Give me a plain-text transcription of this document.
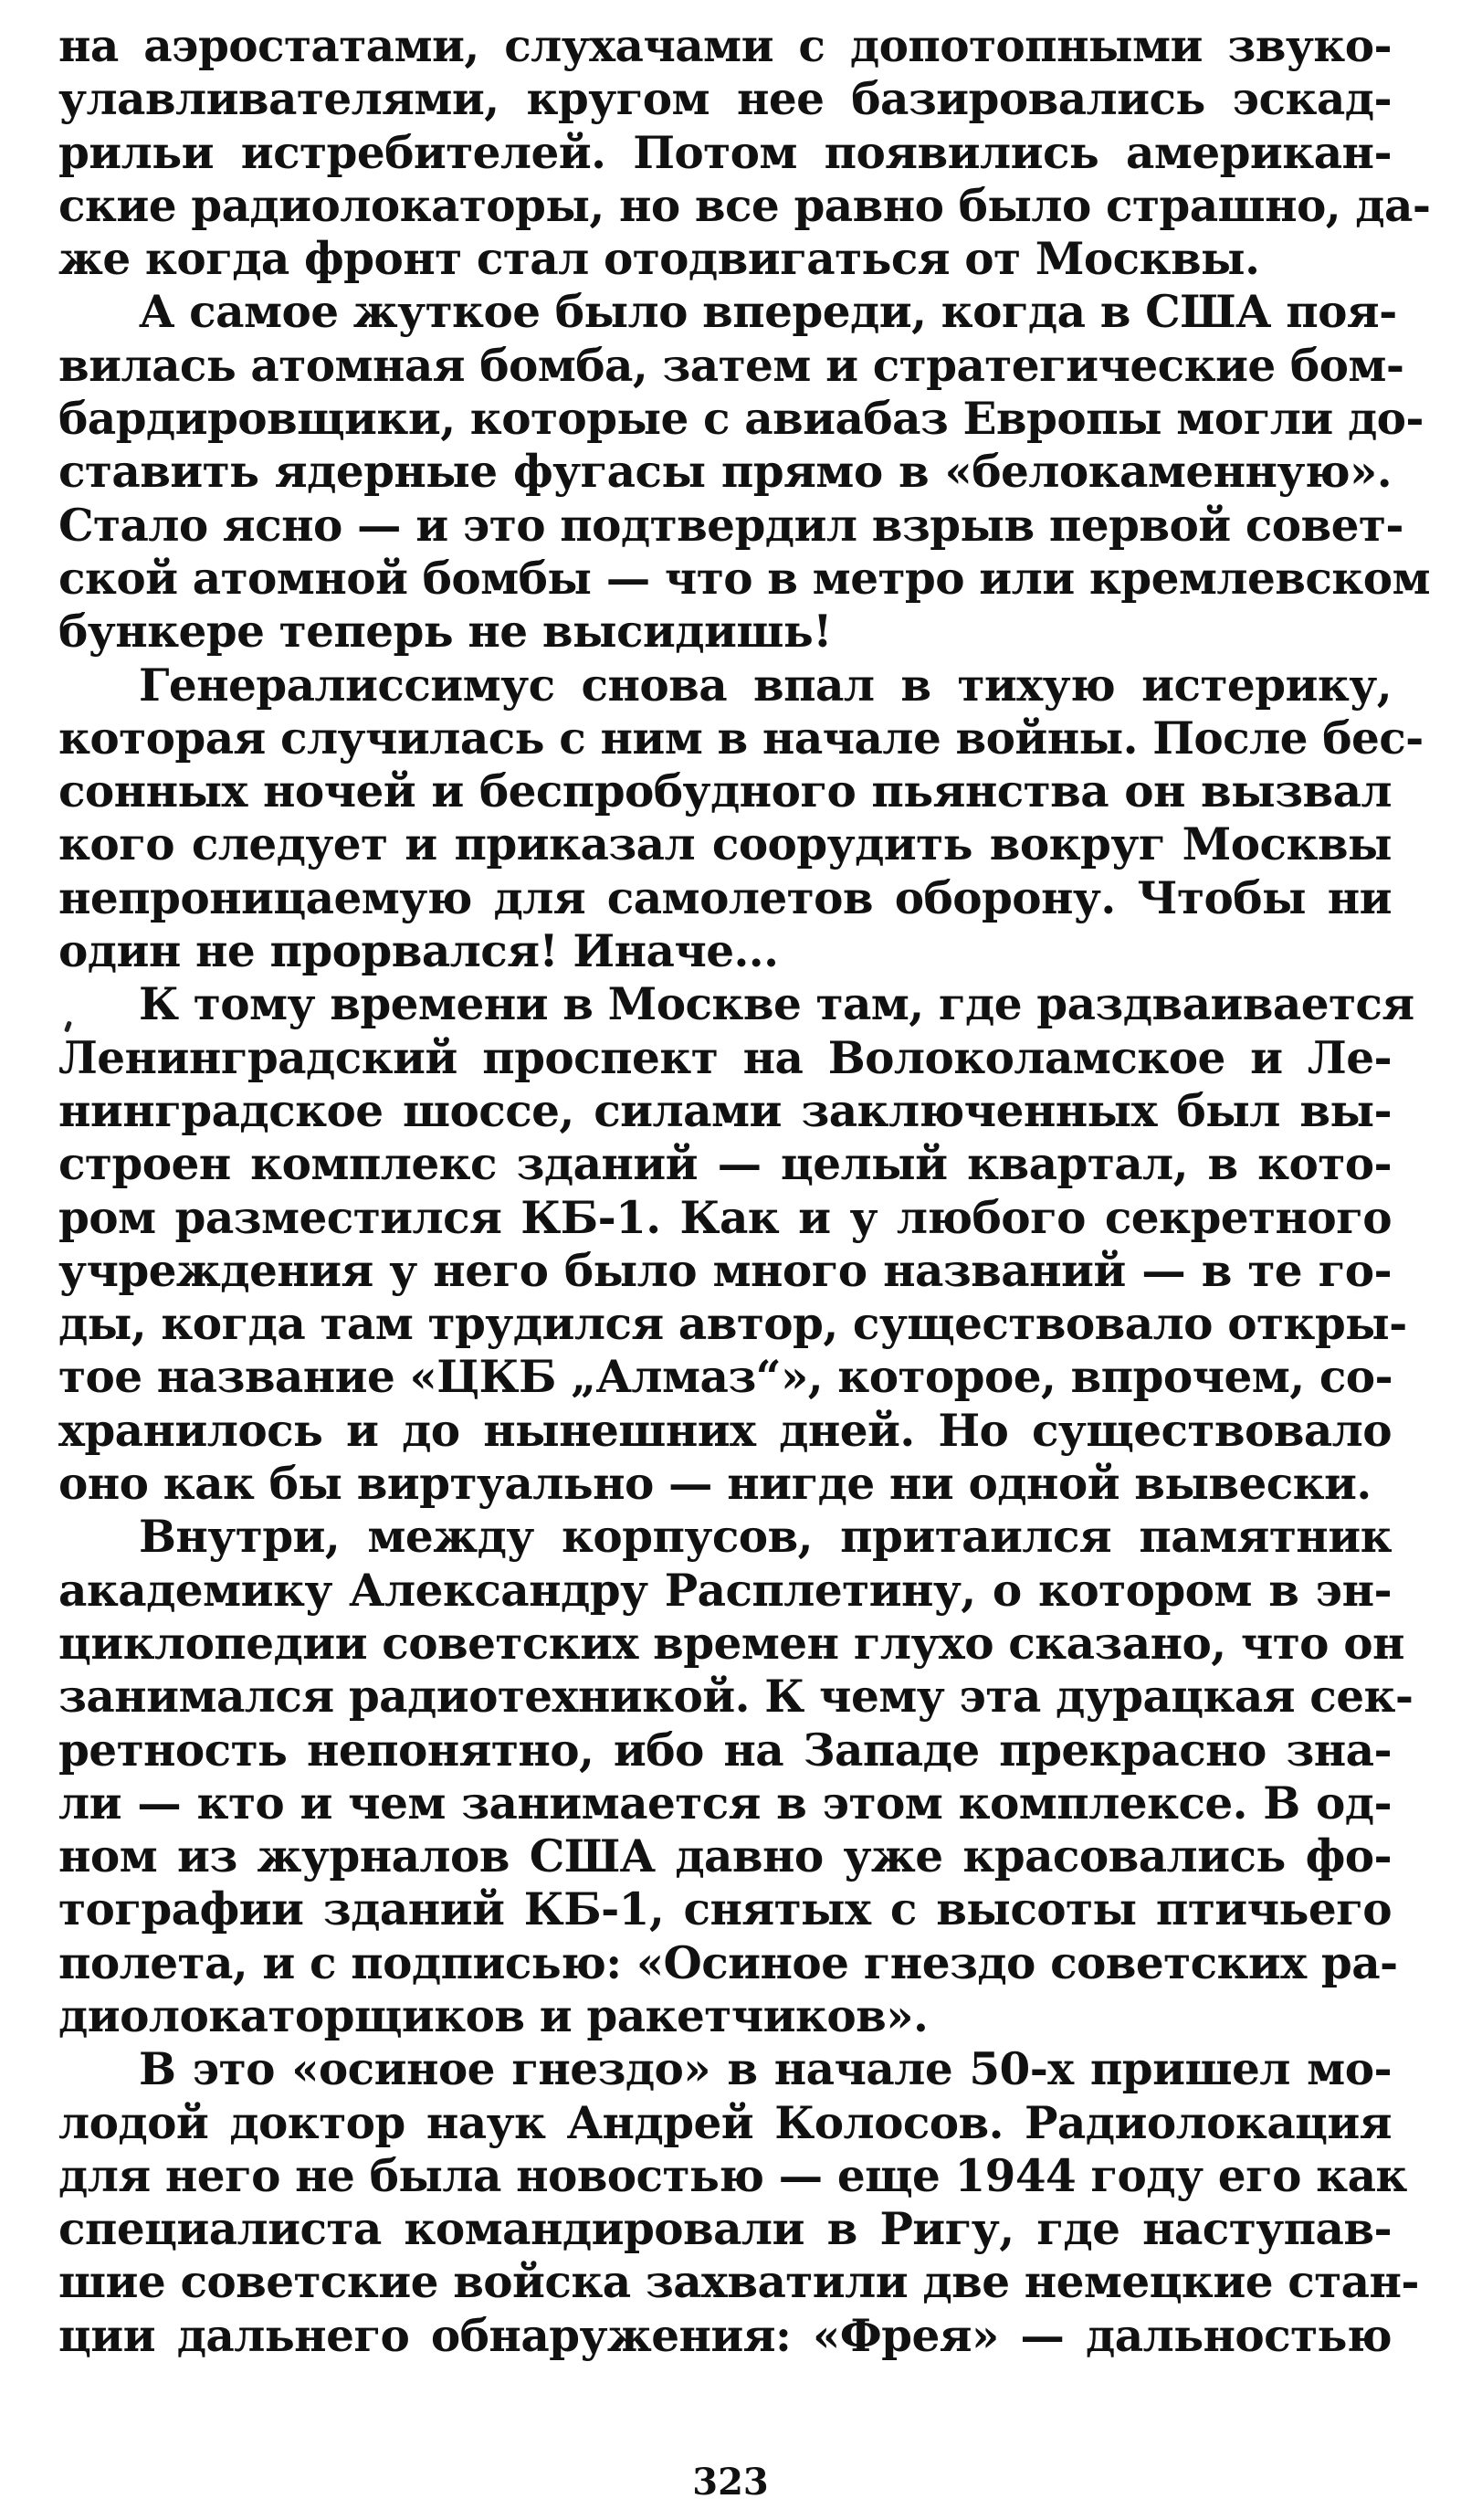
на аэростатами, слухачами с допотопными звуко-
улавливателями, кругом нее базировались эскад-
рильи истребителей. Потом появились американ-
ские радиолокаторы, но все равно было страшно, да-
же когда фронт стал отодвигаться от Москвы.

А самое жуткое было впереди, когда в США поя-
вилась атомная бомба, затем и стратегические бом-
бардировщики, которые с авиабаз Европы могли до-
ставить ядерные фугасы прямо в «белокаменную».
Стало ясно — и это подтвердил взрыв первой совет-
ской атомной бомбы — что в метро или кремлевском
бункере теперь не высидишь!

Генералиссимус снова впал в тихую истерику,
которая случилась с ним в начале войны. После бес-
сонных ночей и беспробудного пьянства он вызвал
кого следует и приказал соорудить вокруг Москвы
непроницаемую для самолетов оборону. Чтобы ни
один не прорвался! Иначе...

К тому времени в Москве там, где раздваивается
Ленинградский проспект на Волоколамское и Ле-
нинградское шоссе, силами заключенных был вы-
строен комплекс зданий — целый квартал, в кото-
ром разместился КБ-1. Как и у любого секретного
учреждения у него было много названий — в те го-
ды, когда там трудился автор, существовало откры-
тое название «ЦКБ „Алмаз“», которое, впрочем, со-
хранилось и до нынешних дней. Но существовало
оно как бы виртуально — нигде ни одной вывески.

Внутри, между корпусов, притаился памятник
академику Александру Расплетину, о котором в эн-
циклопедии советских времен глухо сказано, что он
занимался радиотехникой. К чему эта дурацкая сек-
ретность непонятно, ибо на Западе прекрасно зна-
ли — кто и чем занимается в этом комплексе. В од-
ном из журналов США давно уже красовались фо-
тографии зданий КБ-1, снятых с высоты птичьего
полета, и с подписью: «Осиное гнездо советских ра-
диолокаторщиков и ракетчиков».

В это «осиное гнездо» в начале 50-х пришел мо-
лодой доктор наук Андрей Колосов. Радиолокация
для него не была новостью — еще 1944 году его как
специалиста командировали в Ригу, где наступав-
шие советские войска захватили две немецкие стан-
ции дальнего обнаружения: «Фрея» — дальностью

323
